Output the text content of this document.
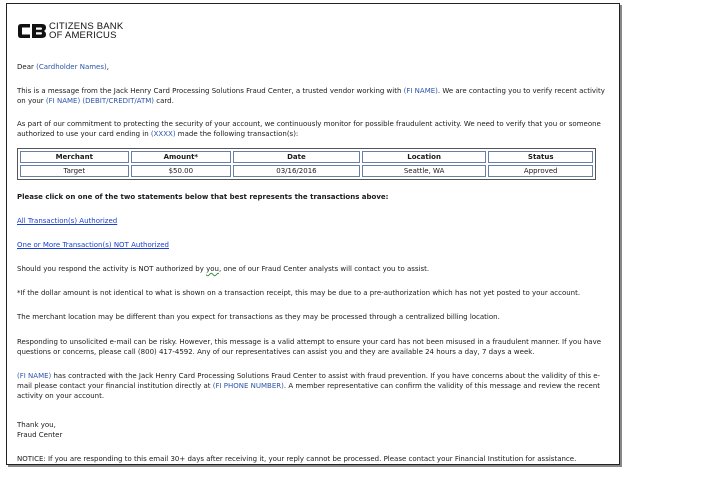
CITIZENS BANK
OF AMERICUS

Dear (Cardholder Names),

This is a message from the Jack Henry Card Processing Solutions Fraud Center, a trusted vendor working with (FI NAME). We are contacting you to verify recent activity on your (FI NAME) (DEBIT/CREDIT/ATM) card.

As part of our commitment to protecting the security of your account, we continuously monitor for possible fraudulent activity. We need to verify that you or someone authorized to use your card ending in (XXXX) made the following transaction(s):

Merchant	Amount*	Date	Location	Status
Target	$50.00	03/16/2016	Seattle, WA	Approved

Please click on one of the two statements below that best represents the transactions above:

All Transaction(s) Authorized

One or More Transaction(s) NOT Authorized

Should you respond the activity is NOT authorized by you, one of our Fraud Center analysts will contact you to assist.

*If the dollar amount is not identical to what is shown on a transaction receipt, this may be due to a pre-authorization which has not yet posted to your account.

The merchant location may be different than you expect for transactions as they may be processed through a centralized billing location.

Responding to unsolicited e-mail can be risky. However, this message is a valid attempt to ensure your card has not been misused in a fraudulent manner. If you have questions or concerns, please call (800) 417-4592. Any of our representatives can assist you and they are available 24 hours a day, 7 days a week.

(FI NAME) has contracted with the Jack Henry Card Processing Solutions Fraud Center to assist with fraud prevention. If you have concerns about the validity of this e-mail please contact your financial institution directly at (FI PHONE NUMBER). A member representative can confirm the validity of this message and review the recent activity on your account.

Thank you,
Fraud Center

NOTICE: If you are responding to this email 30+ days after receiving it, your reply cannot be processed. Please contact your Financial Institution for assistance.
